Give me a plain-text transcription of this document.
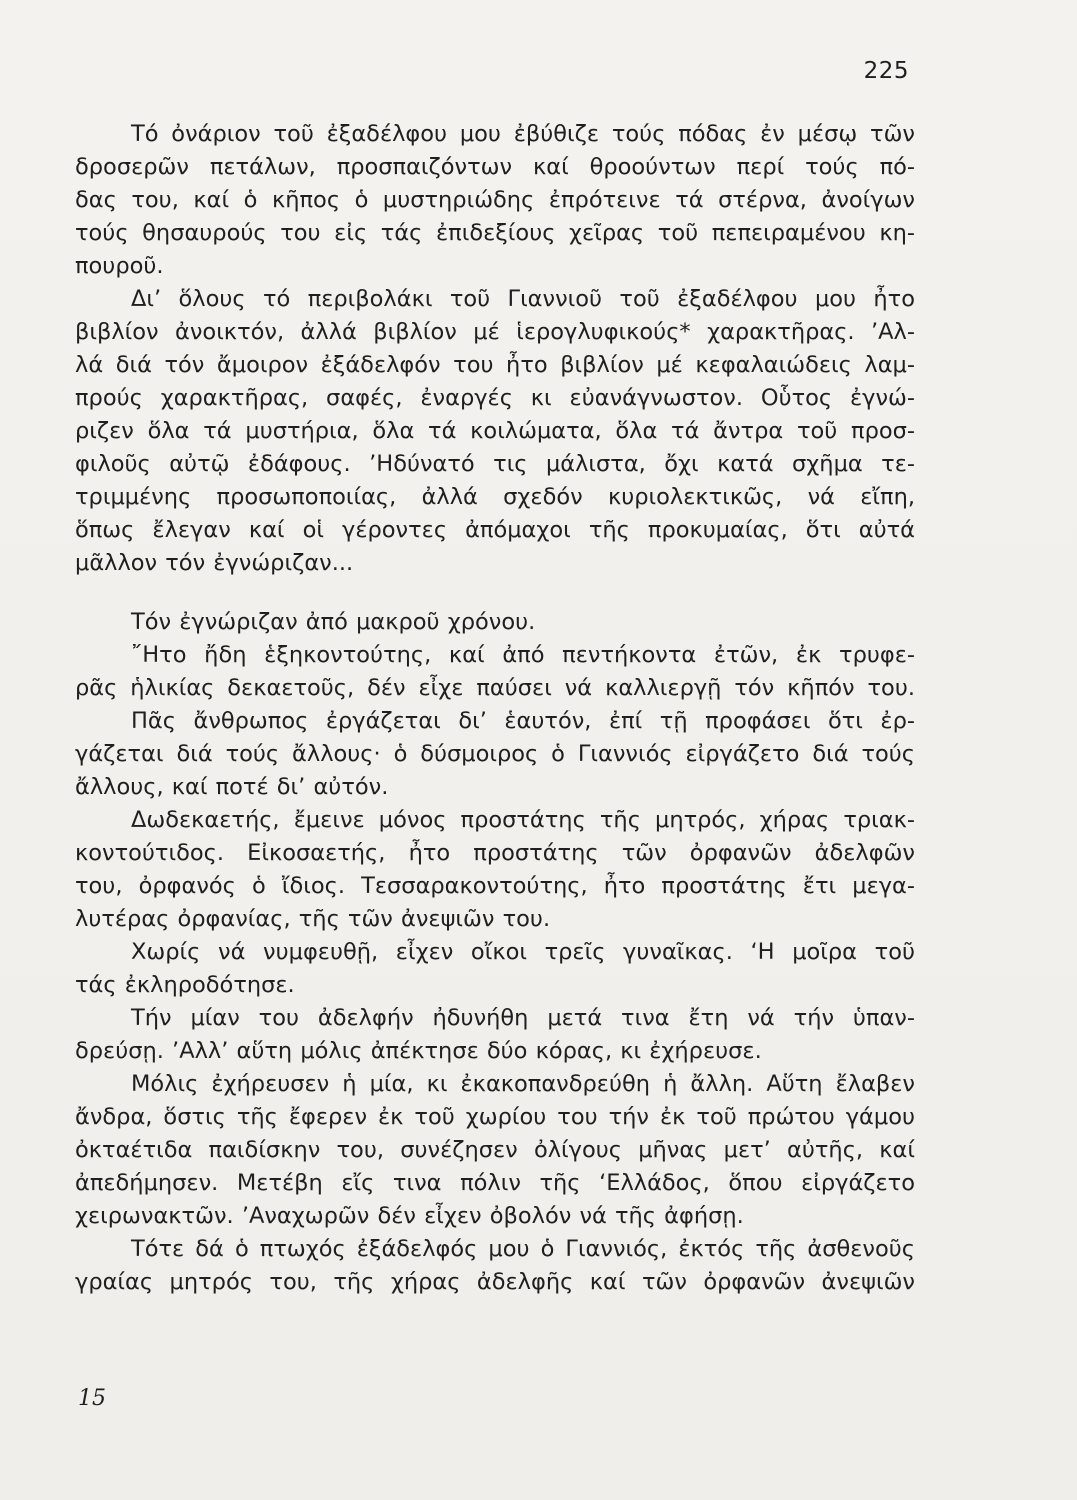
225
Τό ὀνάριον τοῦ ἐξαδέλφου μου ἐβύθιζε τούς πόδας ἐν μέσῳ τῶν
δροσερῶν πετάλων, προσπαιζόντων καί θροούντων περί τούς πό-
δας του, καί ὁ κῆπος ὁ μυστηριώδης ἐπρότεινε τά στέρνα, ἀνοίγων
τούς θησαυρούς του εἰς τάς ἐπιδεξίους χεῖρας τοῦ πεπειραμένου κη-
πουροῦ.
Δι’ ὅλους τό περιβολάκι τοῦ Γιαννιοῦ τοῦ ἐξαδέλφου μου ἦτο
βιβλίον ἀνοικτόν, ἀλλά βιβλίον μέ ἱερογλυφικούς* χαρακτῆρας. ’Αλ-
λά διά τόν ἄμοιρον ἐξάδελφόν του ἦτο βιβλίον μέ κεφαλαιώδεις λαμ-
προύς χαρακτῆρας, σαφές, ἐναργές κι εὐανάγνωστον. Οὗτος ἐγνώ-
ριζεν ὅλα τά μυστήρια, ὅλα τά κοιλώματα, ὅλα τά ἄντρα τοῦ προσ-
φιλοῦς αὐτῷ ἐδάφους. ’Ηδύνατό τις μάλιστα, ὄχι κατά σχῆμα τε-
τριμμένης προσωποποιίας, ἀλλά σχεδόν κυριολεκτικῶς, νά εἴπη,
ὅπως ἔλεγαν καί οἱ γέροντες ἀπόμαχοι τῆς προκυμαίας, ὅτι αὐτά
μᾶλλον τόν ἐγνώριζαν...
Τόν ἐγνώριζαν ἀπό μακροῦ χρόνου.
῎Ητο ἤδη ἑξηκοντούτης, καί ἀπό πεντήκοντα ἐτῶν, ἐκ τρυφε-
ρᾶς ἡλικίας δεκαετοῦς, δέν εἶχε παύσει νά καλλιεργῇ τόν κῆπόν του.
Πᾶς ἄνθρωπος ἐργάζεται δι’ ἑαυτόν, ἐπί τῇ προφάσει ὅτι ἐρ-
γάζεται διά τούς ἄλλους· ὁ δύσμοιρος ὁ Γιαννιός εἰργάζετο διά τούς
ἄλλους, καί ποτέ δι’ αὐτόν.
Δωδεκαετής, ἔμεινε μόνος προστάτης τῆς μητρός, χήρας τριακ-
κοντούτιδος. Εἰκοσαετής, ἦτο προστάτης τῶν ὀρφανῶν ἀδελφῶν
του, ὀρφανός ὁ ἴδιος. Τεσσαρακοντούτης, ἦτο προστάτης ἔτι μεγα-
λυτέρας ὀρφανίας, τῆς τῶν ἀνεψιῶν του.
Χωρίς νά νυμφευθῇ, εἶχεν οἴκοι τρεῖς γυναῖκας. ‘Η μοῖρα τοῦ
τάς ἐκληροδότησε.
Τήν μίαν του ἀδελφήν ἠδυνήθη μετά τινα ἔτη νά τήν ὑπαν-
δρεύσῃ. ’Αλλ’ αὕτη μόλις ἀπέκτησε δύο κόρας, κι ἐχήρευσε.
Μόλις ἐχήρευσεν ἡ μία, κι ἐκακοπανδρεύθη ἡ ἄλλη. Αὕτη ἔλαβεν
ἄνδρα, ὅστις τῆς ἔφερεν ἐκ τοῦ χωρίου του τήν ἐκ τοῦ πρώτου γάμου
ὀκταέτιδα παιδίσκην του, συνέζησεν ὀλίγους μῆνας μετ’ αὐτῆς, καί
ἀπεδήμησεν. Μετέβη εἴς τινα πόλιν τῆς ‘Ελλάδος, ὅπου εἰργάζετο
χειρωνακτῶν. ’Αναχωρῶν δέν εἶχεν ὀβολόν νά τῆς ἀφήσῃ.
Τότε δά ὁ πτωχός ἐξάδελφός μου ὁ Γιαννιός, ἐκτός τῆς ἀσθενοῦς
γραίας μητρός του, τῆς χήρας ἀδελφῆς καί τῶν ὀρφανῶν ἀνεψιῶν
15
